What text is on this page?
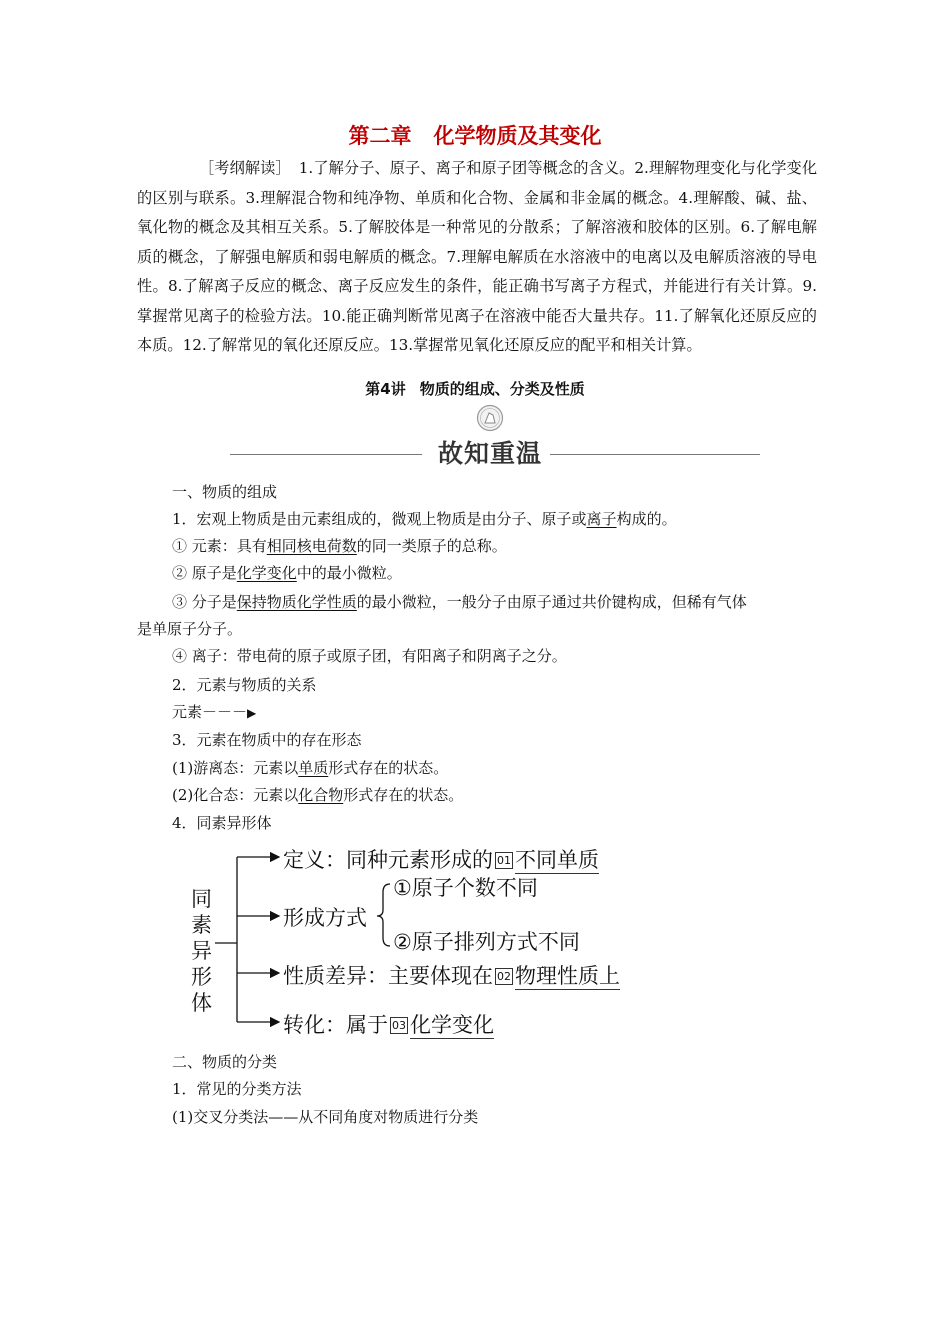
第二章 化学物质及其变化
［考纲解读］ 1.了解分子、原子、离子和原子团等概念的含义。2.理解物理变化与化学变化的区别与联系。3.理解混合物和纯净物、单质和化合物、金属和非金属的概念。4.理解酸、碱、盐、氧化物的概念及其相互关系。5.了解胶体是一种常见的分散系；了解溶液和胶体的区别。6.了解电解质的概念，了解强电解质和弱电解质的概念。7.理解电解质在水溶液中的电离以及电解质溶液的导电性。8.了解离子反应的概念、离子反应发生的条件，能正确书写离子方程式，并能进行有关计算。9.掌握常见离子的检验方法。10.能正确判断常见离子在溶液中能否大量共存。11.了解氧化还原反应的本质。12.了解常见的氧化还原反应。13.掌握常见氧化还原反应的配平和相关计算。
第4讲 物质的组成、分类及性质
故知重温
一、物质的组成
1．宏观上物质是由元素组成的，微观上物质是由分子、原子或离子构成的。
① 元素：具有相同核电荷数的同一类原子的总称。
② 原子是化学变化中的最小微粒。
③ 分子是保持物质化学性质的最小微粒，一般分子由原子通过共价键构成，但稀有气体
是单原子分子。
④ 离子：带电荷的原子或原子团，有阳离子和阴离子之分。
2．元素与物质的关系
元素－－－▶
3．元素在物质中的存在形态
(1)游离态：元素以单质形式存在的状态。
(2)化合态：元素以化合物形式存在的状态。
4．同素异形体
同
素
异
形
体
定义：同种元素形成的 01 不同单质
形成方式
①原子个数不同
②原子排列方式不同
性质差异：主要体现在 02 物理性质上
转化：属于 03 化学变化
二、物质的分类
1．常见的分类方法
(1)交叉分类法——从不同角度对物质进行分类
